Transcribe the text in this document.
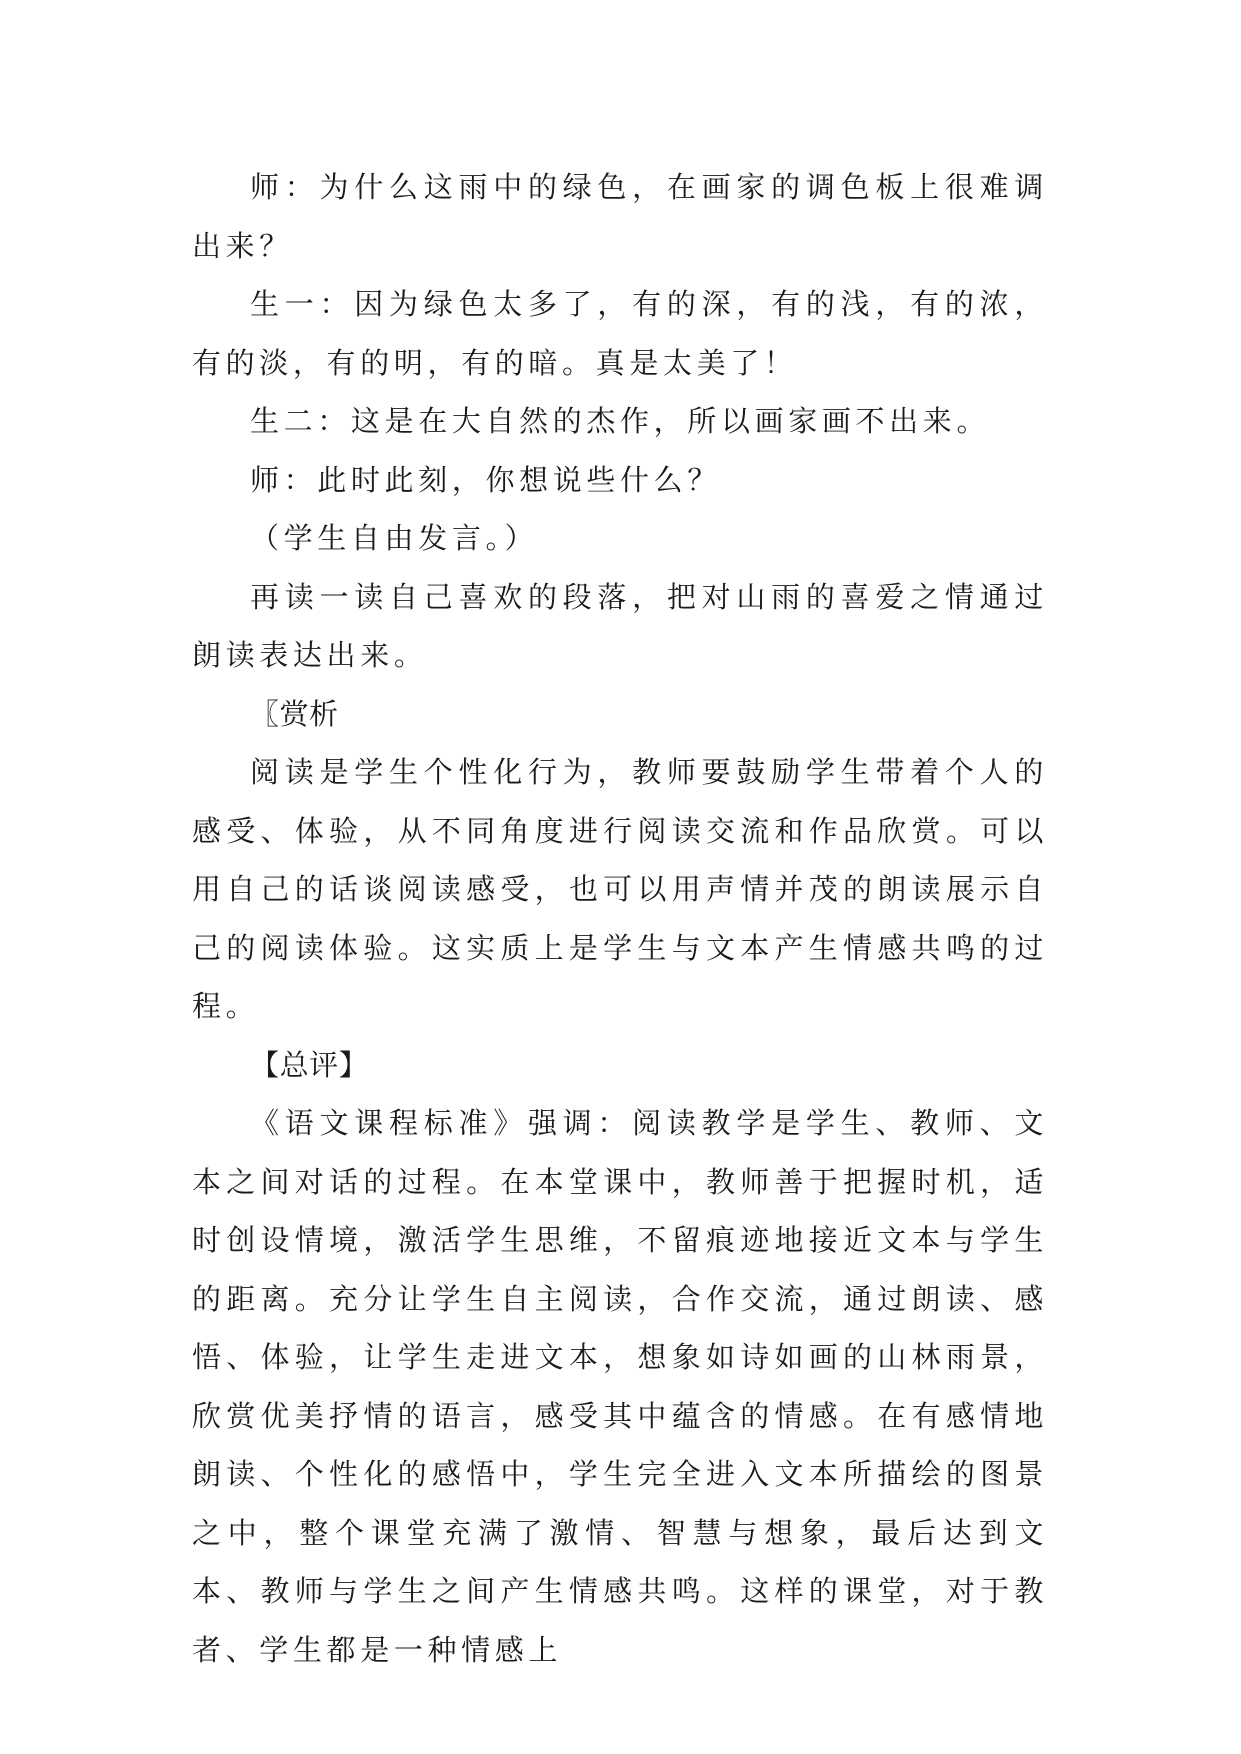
师：为什么这雨中的绿色，在画家的调色板上很难调出来？

生一：因为绿色太多了，有的深，有的浅，有的浓，有的淡，有的明，有的暗。真是太美了！

生二：这是在大自然的杰作，所以画家画不出来。

师：此时此刻，你想说些什么？

（学生自由发言。）

再读一读自己喜欢的段落，把对山雨的喜爱之情通过朗读表达出来。

〖赏析

阅读是学生个性化行为，教师要鼓励学生带着个人的感受、体验，从不同角度进行阅读交流和作品欣赏。可以用自己的话谈阅读感受，也可以用声情并茂的朗读展示自己的阅读体验。这实质上是学生与文本产生情感共鸣的过程。

【总评】

《语文课程标准》强调：阅读教学是学生、教师、文本之间对话的过程。在本堂课中，教师善于把握时机，适时创设情境，激活学生思维，不留痕迹地接近文本与学生的距离。充分让学生自主阅读，合作交流，通过朗读、感悟、体验，让学生走进文本，想象如诗如画的山林雨景，欣赏优美抒情的语言，感受其中蕴含的情感。在有感情地朗读、个性化的感悟中，学生完全进入文本所描绘的图景之中，整个课堂充满了激情、智慧与想象，最后达到文本、教师与学生之间产生情感共鸣。这样的课堂，对于教者、学生都是一种情感上
